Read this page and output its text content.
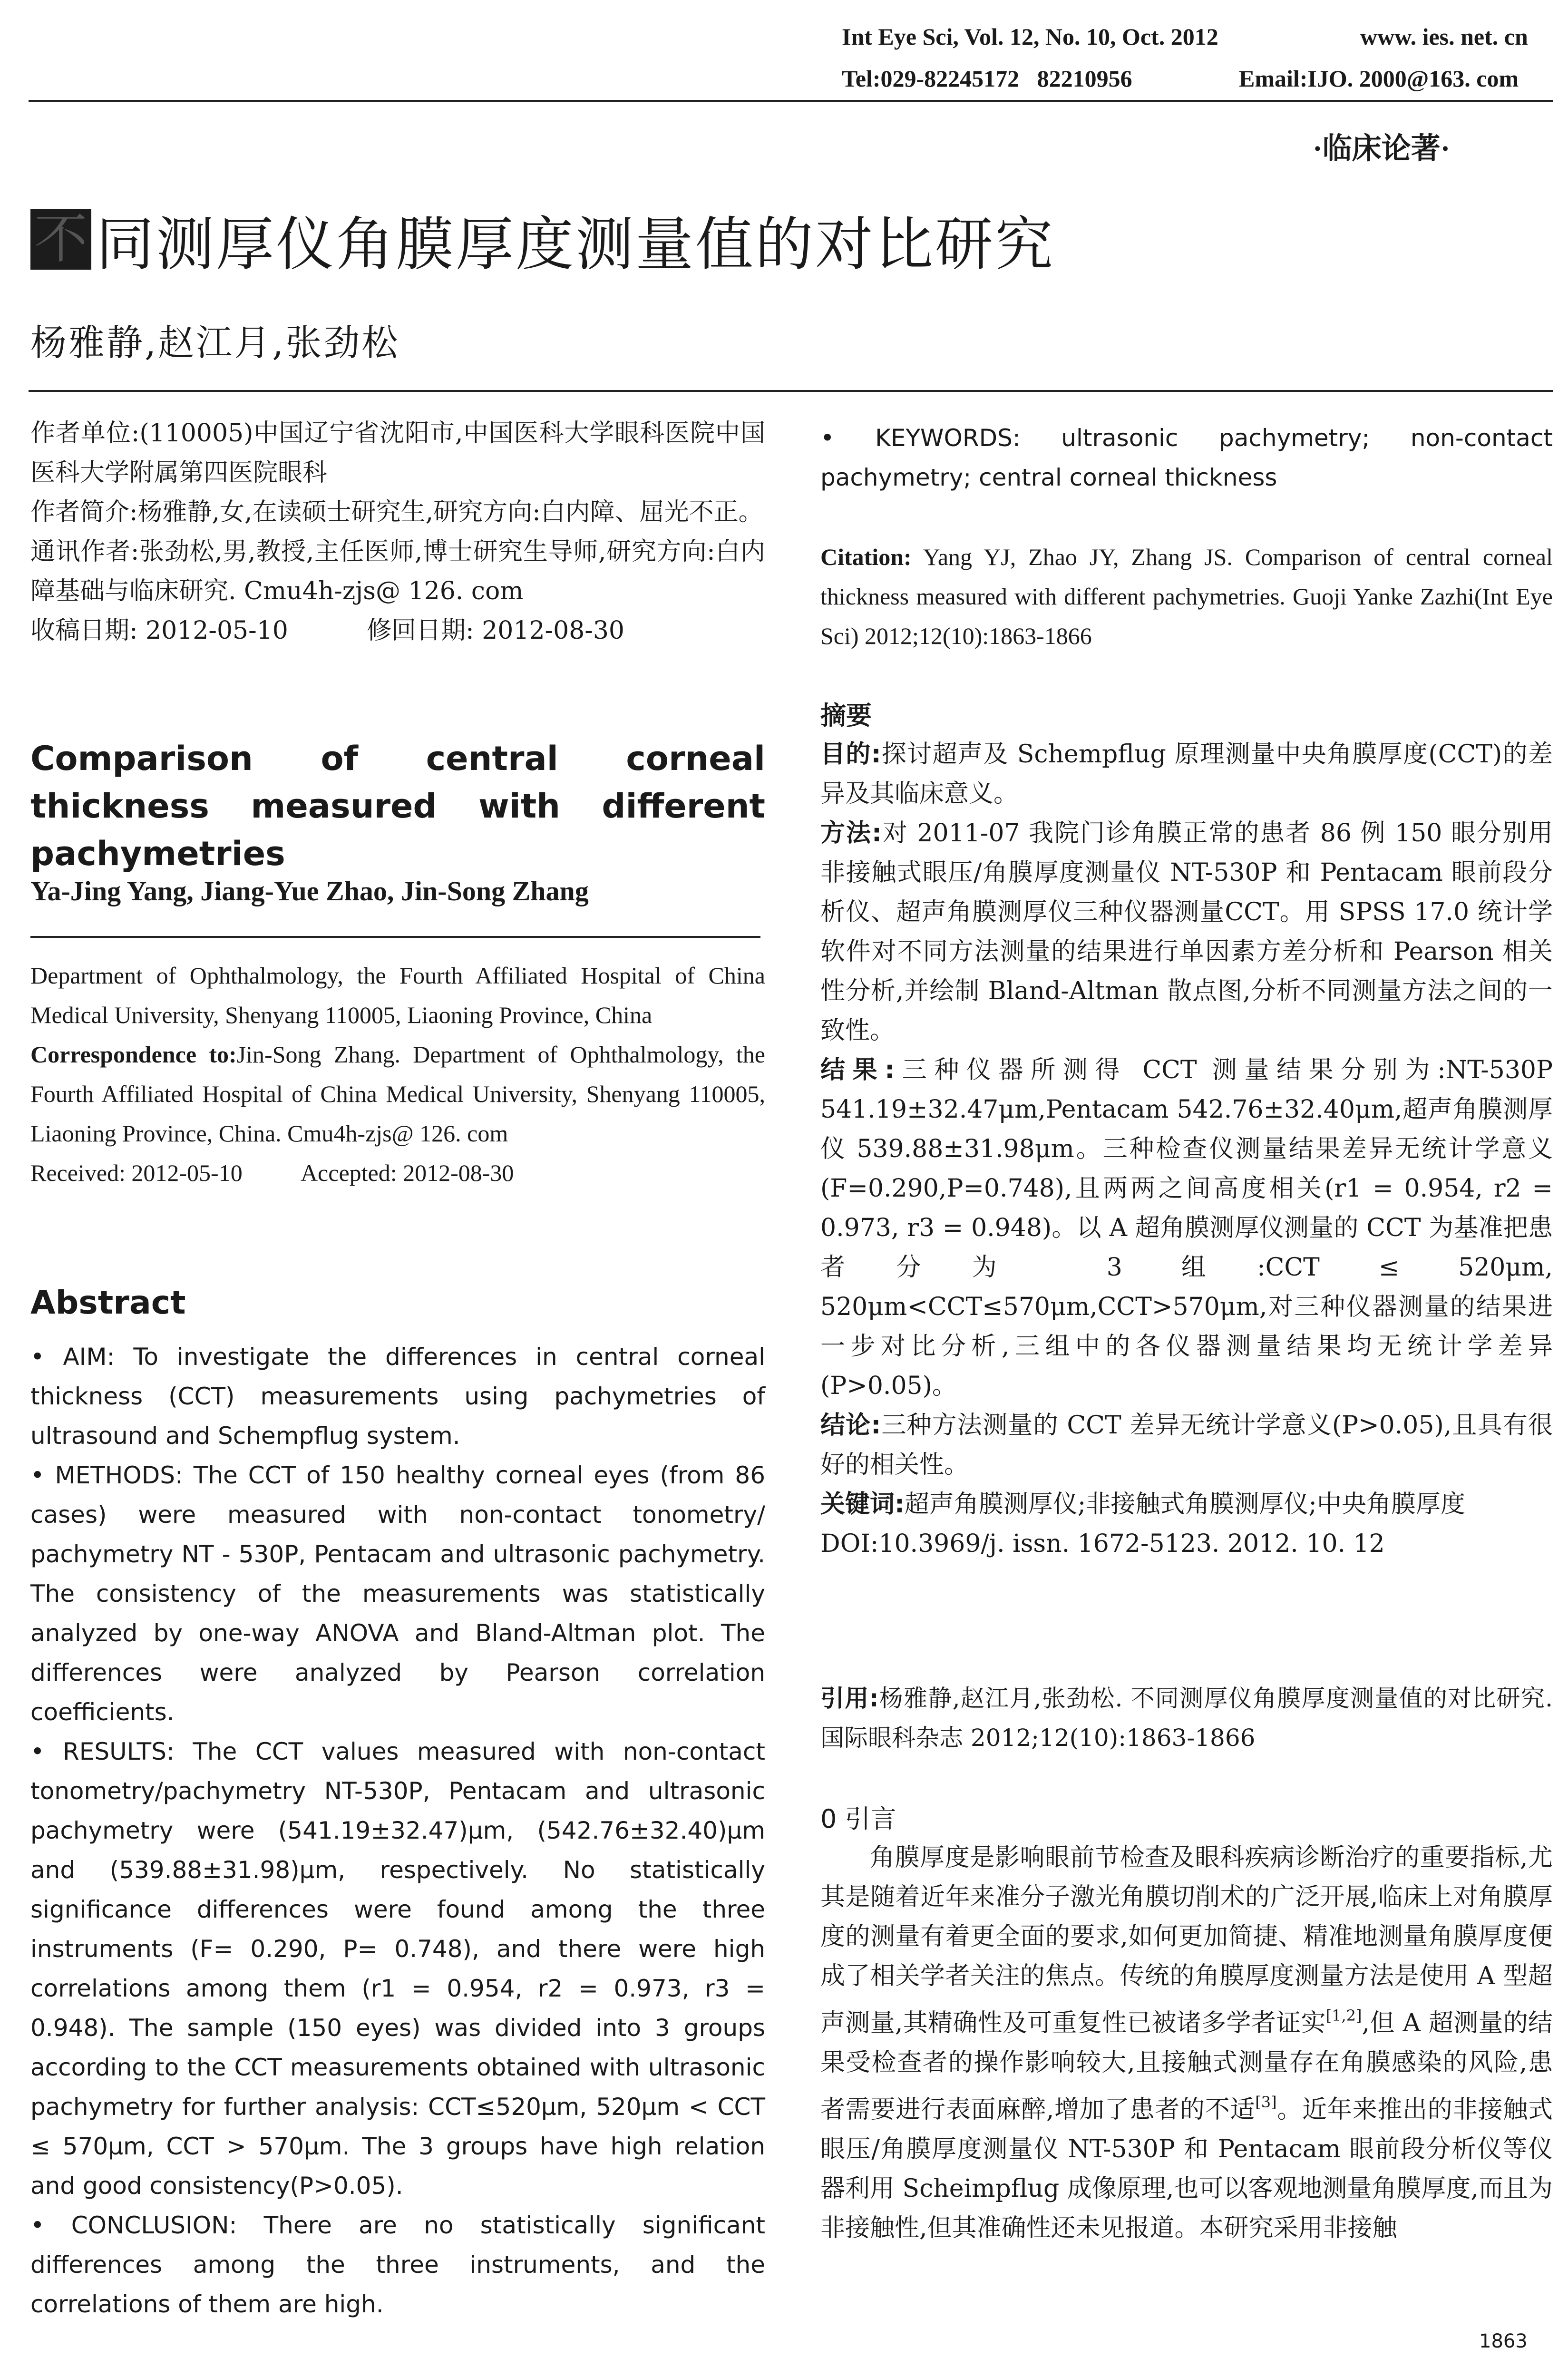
Int Eye Sci, Vol. 12, No. 10, Oct. 2012	www. ies. net. cn
Tel:029-82245172   82210956	Email:IJO. 2000@163. com
·临床论著·
不 同测厚仪角膜厚度测量值的对比研究
杨雅静,赵江月,张劲松
作者单位:(110005)中国辽宁省沈阳市,中国医科大学眼科医院中国医科大学附属第四医院眼科
作者简介:杨雅静,女,在读硕士研究生,研究方向:白内障、屈光不正。
通讯作者:张劲松,男,教授,主任医师,博士研究生导师,研究方向:白内障基础与临床研究. Cmu4h-zjs@ 126. com
收稿日期: 2012-05-10          修回日期: 2012-08-30
Comparison of central corneal thickness measured with different pachymetries
Ya-Jing Yang, Jiang-Yue Zhao, Jin-Song Zhang
Department of Ophthalmology, the Fourth Affiliated Hospital of China Medical University, Shenyang 110005, Liaoning Province, China
Correspondence to:Jin-Song Zhang. Department of Ophthalmology, the Fourth Affiliated Hospital of China Medical University, Shenyang 110005, Liaoning Province, China. Cmu4h-zjs@ 126. com
Received: 2012-05-10          Accepted: 2012-08-30
Abstract
• AIM: To investigate the differences in central corneal thickness (CCT) measurements using pachymetries of ultrasound and Schempflug system.
• METHODS: The CCT of 150 healthy corneal eyes (from 86 cases) were measured with non-contact tonometry/ pachymetry NT - 530P, Pentacam and ultrasonic pachymetry. The consistency of the measurements was statistically analyzed by one-way ANOVA and Bland-Altman plot. The differences were analyzed by Pearson correlation coefficients.
• RESULTS: The CCT values measured with non-contact tonometry/pachymetry NT-530P, Pentacam and ultrasonic pachymetry were (541.19±32.47)μm, (542.76±32.40)μm and (539.88±31.98)μm, respectively. No statistically significance differences were found among the three instruments (F= 0.290, P= 0.748), and there were high correlations among them (r1 = 0.954, r2 = 0.973, r3 = 0.948). The sample (150 eyes) was divided into 3 groups according to the CCT measurements obtained with ultrasonic pachymetry for further analysis: CCT≤520μm, 520μm < CCT ≤ 570μm, CCT > 570μm. The 3 groups have high relation and good consistency(P>0.05).
• CONCLUSION: There are no statistically significant differences among the three instruments, and the correlations of them are high.
• KEYWORDS: ultrasonic pachymetry; non-contact pachymetry; central corneal thickness
Citation: Yang YJ, Zhao JY, Zhang JS. Comparison of central corneal thickness measured with different pachymetries. Guoji Yanke Zazhi(Int Eye Sci) 2012;12(10):1863-1866
摘要
目的:探讨超声及 Schempflug 原理测量中央角膜厚度(CCT)的差异及其临床意义。
方法:对 2011-07 我院门诊角膜正常的患者 86 例 150 眼分别用非接触式眼压/角膜厚度测量仪 NT-530P 和 Pentacam 眼前段分析仪、超声角膜测厚仪三种仪器测量CCT。用 SPSS 17.0 统计学软件对不同方法测量的结果进行单因素方差分析和 Pearson 相关性分析,并绘制 Bland-Altman 散点图,分析不同测量方法之间的一致性。
结果:三种仪器所测得 CCT 测量结果分别为:NT-530P 541.19±32.47μm,Pentacam 542.76±32.40μm,超声角膜测厚仪 539.88±31.98μm。三种检查仪测量结果差异无统计学意义(F=0.290,P=0.748),且两两之间高度相关(r1 = 0.954, r2 = 0.973, r3 = 0.948)。以 A 超角膜测厚仪测量的 CCT 为基准把患者分为 3 组:CCT ≤ 520μm, 520μm<CCT≤570μm,CCT>570μm,对三种仪器测量的结果进一步对比分析,三组中的各仪器测量结果均无统计学差异(P>0.05)。
结论:三种方法测量的 CCT 差异无统计学意义(P>0.05),且具有很好的相关性。
关键词:超声角膜测厚仪;非接触式角膜测厚仪;中央角膜厚度
DOI:10.3969/j. issn. 1672-5123. 2012. 10. 12
引用:杨雅静,赵江月,张劲松. 不同测厚仪角膜厚度测量值的对比研究. 国际眼科杂志 2012;12(10):1863-1866
0 引言
角膜厚度是影响眼前节检查及眼科疾病诊断治疗的重要指标,尤其是随着近年来准分子激光角膜切削术的广泛开展,临床上对角膜厚度的测量有着更全面的要求,如何更加简捷、精准地测量角膜厚度便成了相关学者关注的焦点。传统的角膜厚度测量方法是使用 A 型超声测量,其精确性及可重复性已被诸多学者证实[1,2],但 A 超测量的结果受检查者的操作影响较大,且接触式测量存在角膜感染的风险,患者需要进行表面麻醉,增加了患者的不适[3]。近年来推出的非接触式眼压/角膜厚度测量仪 NT-530P 和 Pentacam 眼前段分析仪等仪器利用 Scheimpflug 成像原理,也可以客观地测量角膜厚度,而且为非接触性,但其准确性还未见报道。本研究采用非接触
1863
